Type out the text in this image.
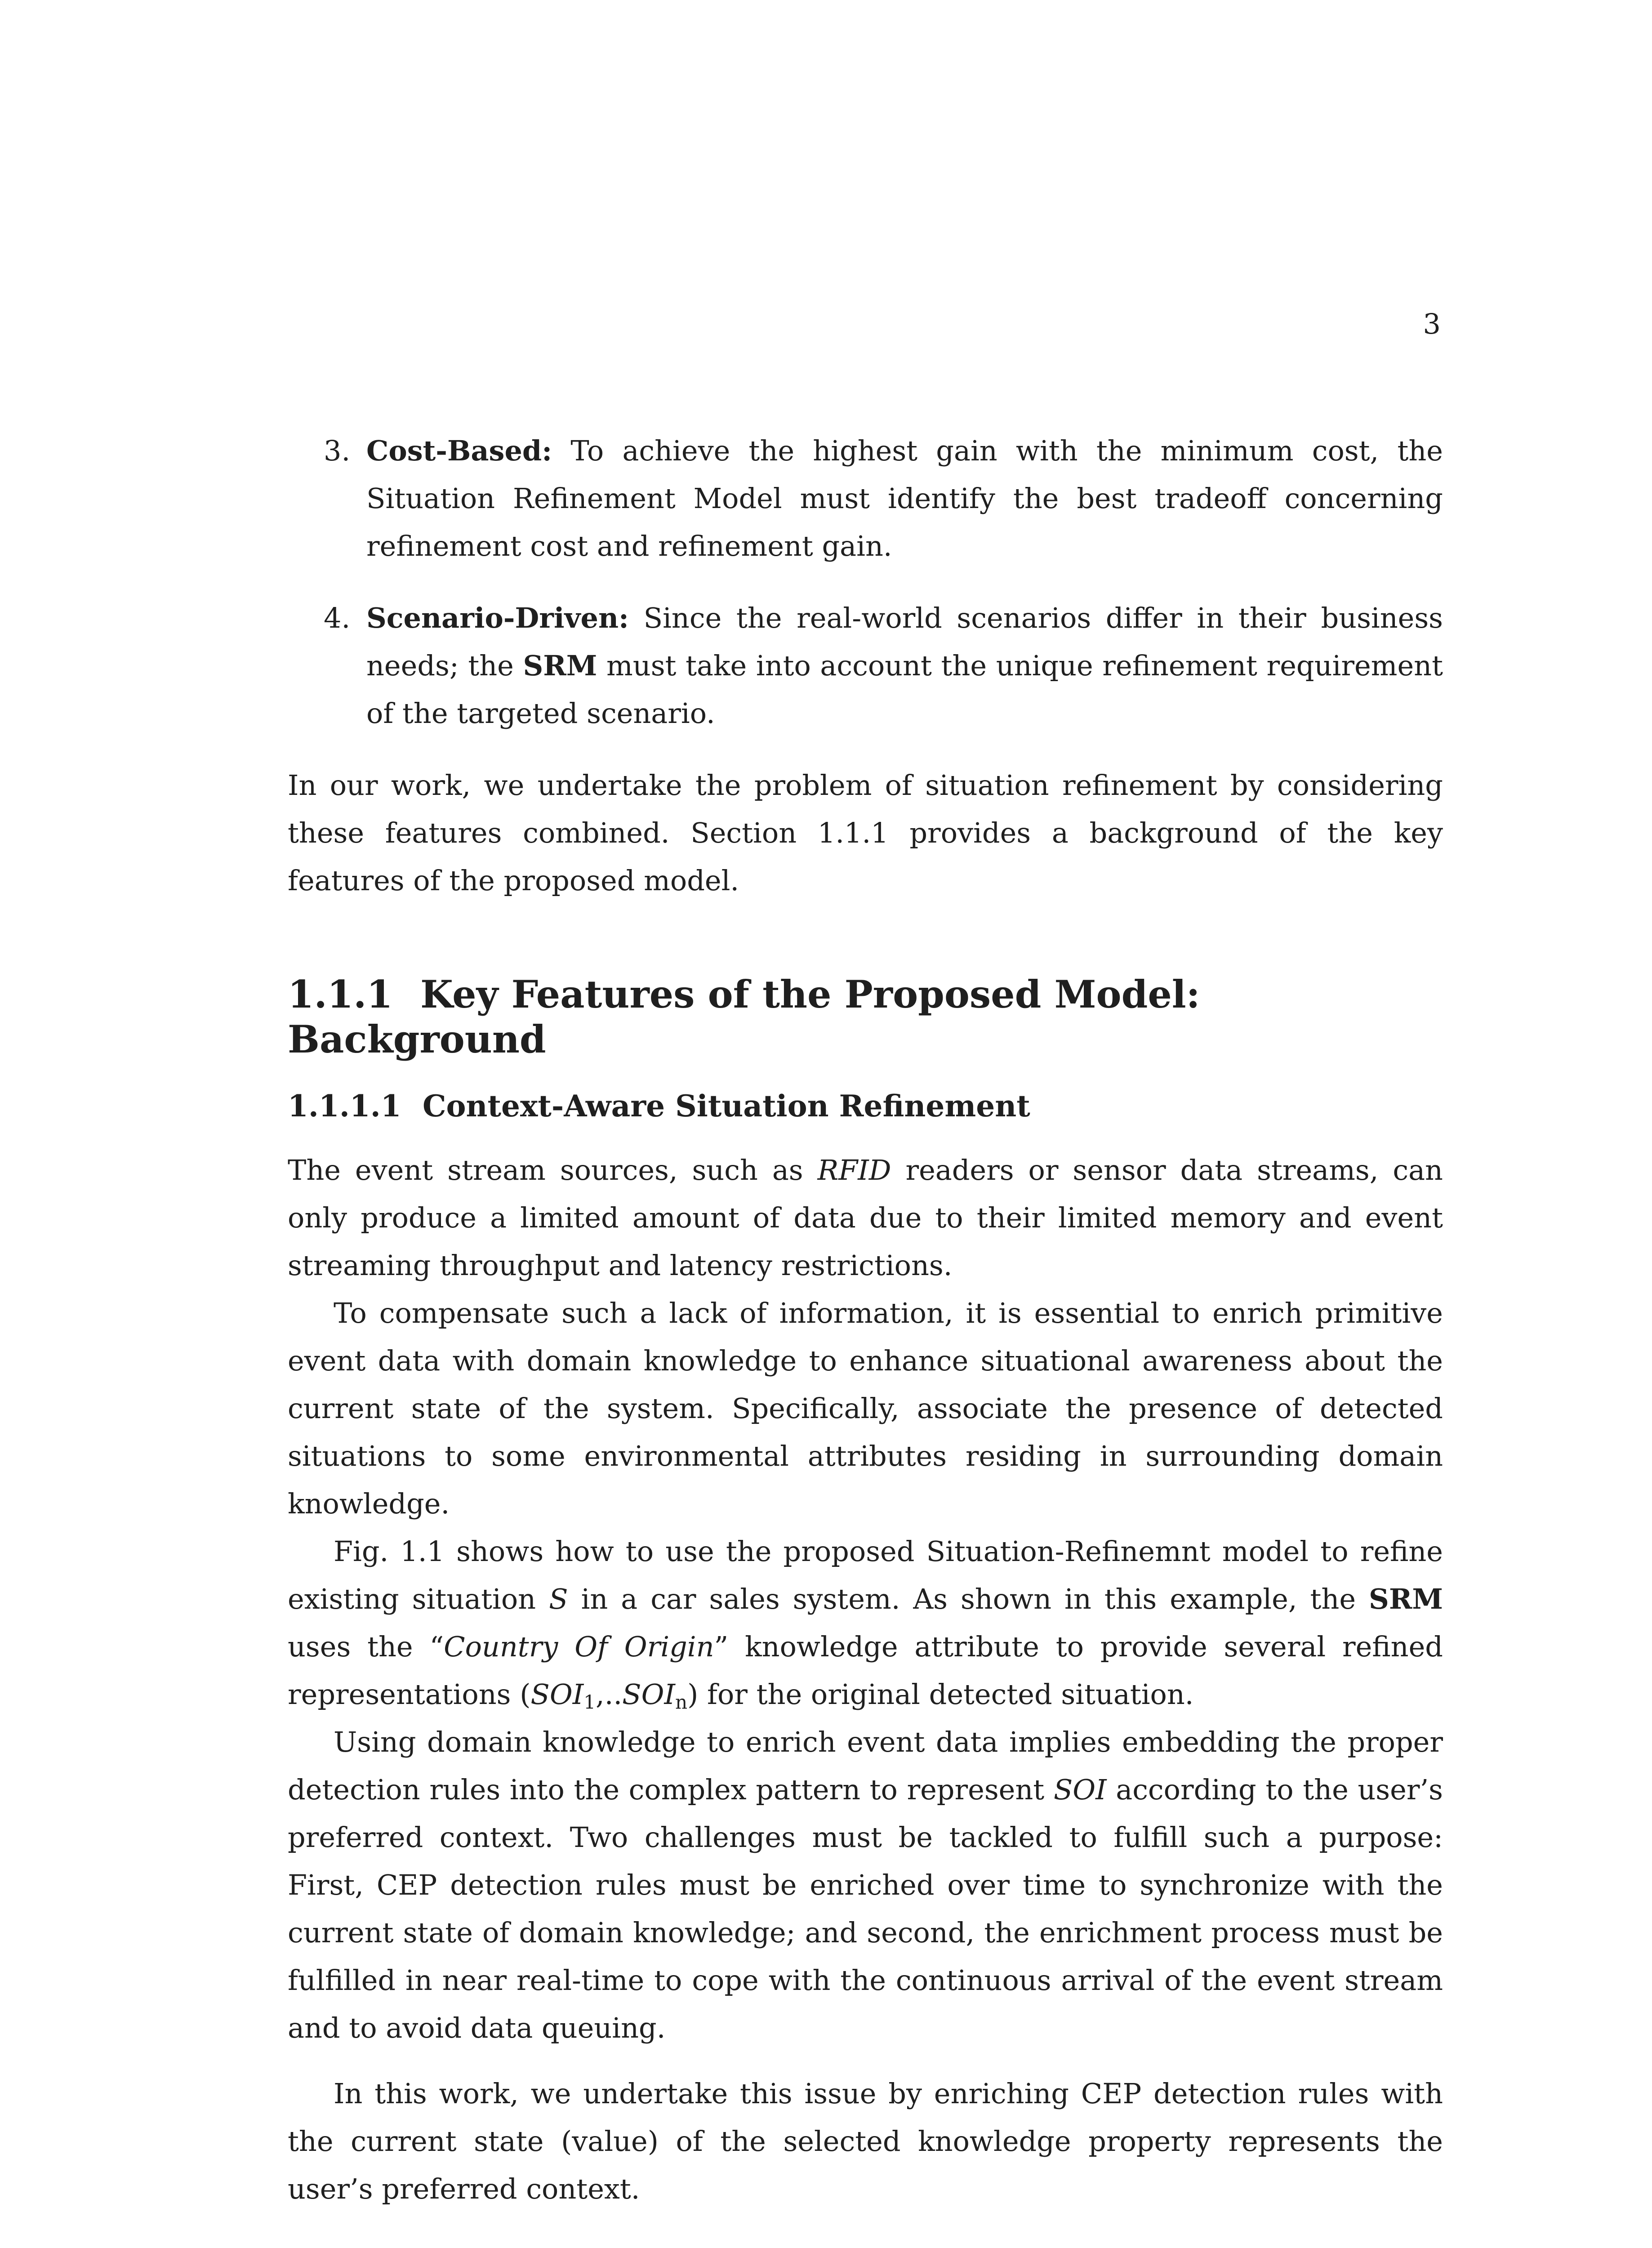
3
3. Cost-Based: To achieve the highest gain with the minimum cost, the Situation Refinement Model must identify the best tradeoff concerning refinement cost and refinement gain.
4. Scenario-Driven: Since the real-world scenarios differ in their business needs; the SRM must take into account the unique refinement requirement of the targeted scenario.

In our work, we undertake the problem of situation refinement by considering these features combined. Section 1.1.1 provides a background of the key features of the proposed model.

1.1.1 Key Features of the Proposed Model: Background
1.1.1.1 Context-Aware Situation Refinement

The event stream sources, such as RFID readers or sensor data streams, can only produce a limited amount of data due to their limited memory and event streaming throughput and latency restrictions.

To compensate such a lack of information, it is essential to enrich primitive event data with domain knowledge to enhance situational awareness about the current state of the system. Specifically, associate the presence of detected situations to some environmental attributes residing in surrounding domain knowledge.

Fig. 1.1 shows how to use the proposed Situation-Refinemnt model to refine existing situation S in a car sales system. As shown in this example, the SRM uses the “Country Of Origin” knowledge attribute to provide several refined representations $(SOI_1,..SOI_n)$ for the original detected situation.

Using domain knowledge to enrich event data implies embedding the proper detection rules into the complex pattern to represent SOI according to the user’s preferred context. Two challenges must be tackled to fulfill such a purpose: First, CEP detection rules must be enriched over time to synchronize with the current state of domain knowledge; and second, the enrichment process must be fulfilled in near real-time to cope with the continuous arrival of the event stream and to avoid data queuing.

In this work, we undertake this issue by enriching CEP detection rules with the current state (value) of the selected knowledge property represents the user’s preferred context.
